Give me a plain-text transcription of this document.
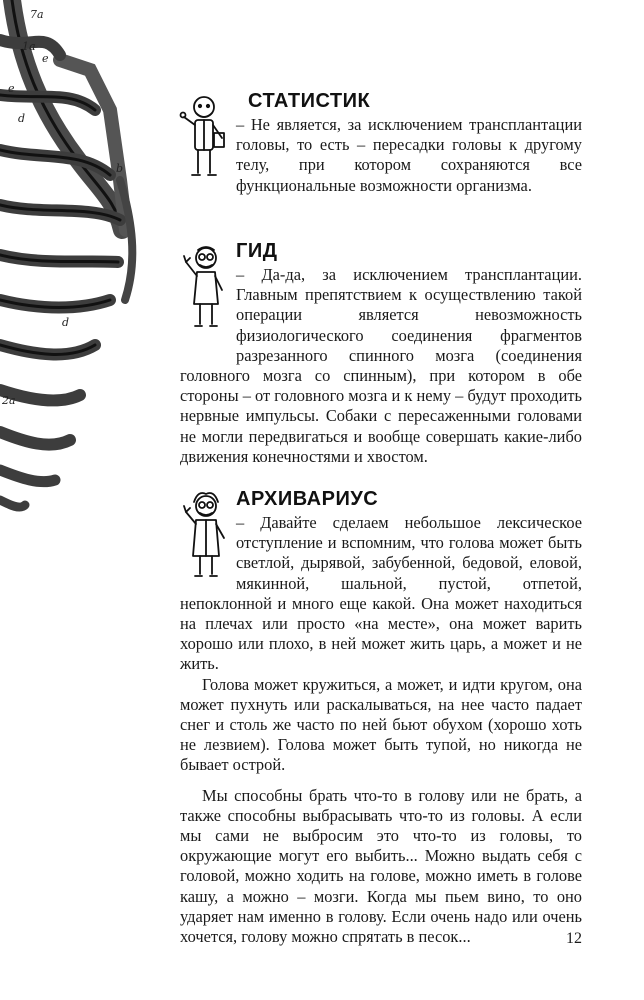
7a
1a
e
e
d
b
d
2a
СТАТИСТИК

– Не является, за исключением трансплантации головы, то есть – пересадки головы к другому телу, при котором сохраняются все функциональные возможности организма.

ГИД

– Да-да, за исключением трансплантации. Главным препятствием к осуществлению такой операции является невозможность физиологического соединения фрагментов разрезанного спинного мозга (соединения головного мозга со спинным), при котором в обе стороны – от головного мозга и к нему – будут проходить нервные импульсы. Собаки с пересаженными головами не могли передвигаться и вообще совершать какие-либо движения конечностями и хвостом.

АРХИВАРИУС

– Давайте сделаем небольшое лексическое отступление и вспомним, что голова может быть светлой, дырявой, забубенной, бедовой, еловой, мякинной, шальной, пустой, отпетой, непоклонной и много еще какой. Она может находиться на плечах или просто «на месте», она может варить хорошо или плохо, в ней может жить царь, а может и не жить.

Голова может кружиться, а может, и идти кругом, она может пухнуть или раскалываться, на нее часто падает снег и столь же часто по ней бьют обухом (хорошо хоть не лезвием). Голова может быть тупой, но никогда не бывает острой.

Мы способны брать что-то в голову или не брать, а также способны выбрасывать что-то из головы. А если мы сами не выбросим это что-то из головы, то окружающие могут его выбить... Можно выдать себя с головой, можно ходить на голове, можно иметь в голове кашу, а можно – мозги. Когда мы пьем вино, то оно ударяет нам именно в голову. Если очень надо или очень хочется, голову можно спрятать в песок...	12
